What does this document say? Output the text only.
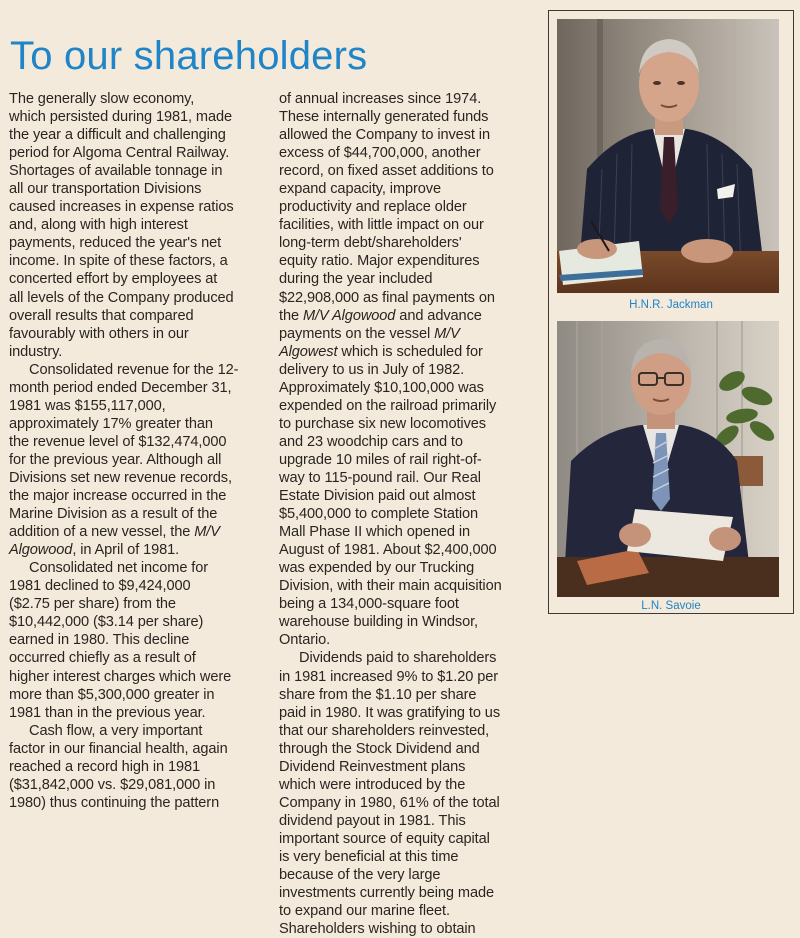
To our shareholders
The generally slow economy,
which persisted during 1981, made
the year a difficult and challenging
period for Algoma Central Railway.
Shortages of available tonnage in
all our transportation Divisions
caused increases in expense ratios
and, along with high interest
payments, reduced the year's net
income. In spite of these factors, a
concerted effort by employees at
all levels of the Company produced
overall results that compared
favourably with others in our
industry.
Consolidated revenue for the 12-
month period ended December 31,
1981 was $155,117,000,
approximately 17% greater than
the revenue level of $132,474,000
for the previous year. Although all
Divisions set new revenue records,
the major increase occurred in the
Marine Division as a result of the
addition of a new vessel, the M/V
Algowood, in April of 1981.
Consolidated net income for
1981 declined to $9,424,000
($2.75 per share) from the
$10,442,000 ($3.14 per share)
earned in 1980. This decline
occurred chiefly as a result of
higher interest charges which were
more than $5,300,000 greater in
1981 than in the previous year.
Cash flow, a very important
factor in our financial health, again
reached a record high in 1981
($31,842,000 vs. $29,081,000 in
1980) thus continuing the pattern
of annual increases since 1974.
These internally generated funds
allowed the Company to invest in
excess of $44,700,000, another
record, on fixed asset additions to
expand capacity, improve
productivity and replace older
facilities, with little impact on our
long-term debt/shareholders'
equity ratio. Major expenditures
during the year included
$22,908,000 as final payments on
the M/V Algowood and advance
payments on the vessel M/V
Algowest which is scheduled for
delivery to us in July of 1982.
Approximately $10,100,000 was
expended on the railroad primarily
to purchase six new locomotives
and 23 woodchip cars and to
upgrade 10 miles of rail right-of-
way to 115-pound rail. Our Real
Estate Division paid out almost
$5,400,000 to complete Station
Mall Phase II which opened in
August of 1981. About $2,400,000
was expended by our Trucking
Division, with their main acquisition
being a 134,000-square foot
warehouse building in Windsor,
Ontario.
Dividends paid to shareholders
in 1981 increased 9% to $1.20 per
share from the $1.10 per share
paid in 1980. It was gratifying to us
that our shareholders reinvested,
through the Stock Dividend and
Dividend Reinvestment plans
which were introduced by the
Company in 1980, 61% of the total
dividend payout in 1981. This
important source of equity capital
is very beneficial at this time
because of the very large
investments currently being made
to expand our marine fleet.
Shareholders wishing to obtain
H.N.R. Jackman
L.N. Savoie
